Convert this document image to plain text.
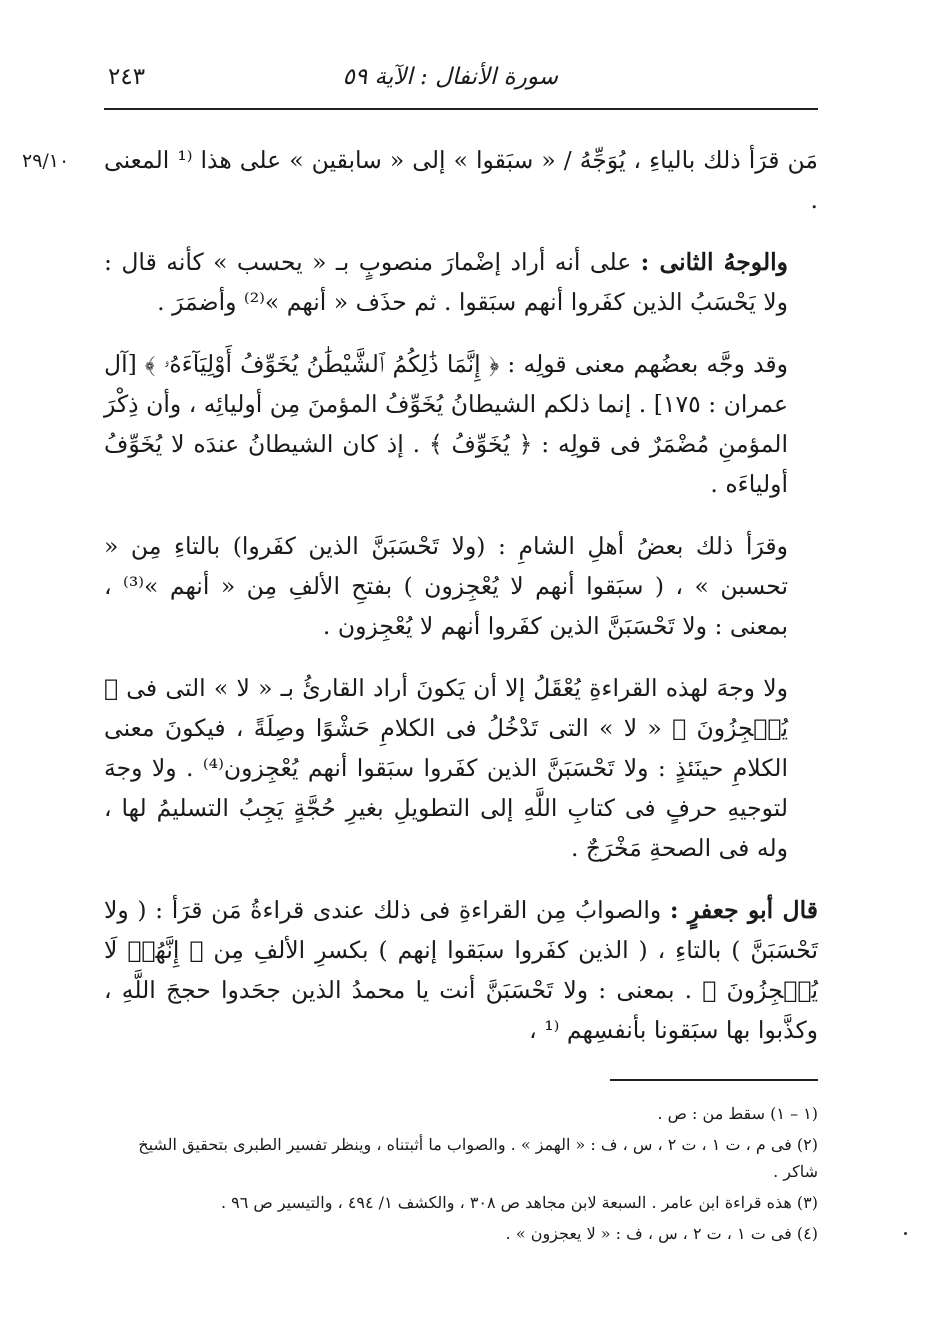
سورة الأنفال : الآية ٥٩
٢٤٣
٢٩/١٠ مَن قرَأ ذلك بالياءِ ، يُوَجِّهُ / « سبَقوا » إلى « سابقين » على هذا ⁽¹ المعنى .

والوجهُ الثانى : على أنه أراد إضْمارَ منصوبٍ بـ « يحسب » كأنه قال : ولا يَحْسَبُ الذين كفَروا أنهم سبَقوا . ثم حذَف « أنهم »⁽²⁾ وأضمَرَ .

وقد وجَّه بعضُهم معنى قولِه : ﴿ إِنَّمَا ذَٰلِكُمُ ٱلشَّيْطَٰنُ يُخَوِّفُ أَوْلِيَآءَهُۥ ﴾ [آل عمران : ١٧٥] . إنما ذلكم الشيطانُ يُخَوِّفُ المؤمنَ مِن أوليائِه ، وأن ذِكْرَ المؤمنِ مُضْمَرٌ فى قولِه : ﴿ يُخَوِّفُ ﴾ . إذ كان الشيطانُ عندَه لا يُخَوِّفُ أولياءَه .

وقرَأ ذلك بعضُ أهلِ الشامِ : (ولا تَحْسَبَنَّ الذين كفَروا) بالتاءِ مِن « تحسبن » ، ( سبَقوا أنهم لا يُعْجِزون ) بفتحِ الألفِ مِن « أنهم »⁽³⁾ ، بمعنى : ولا تَحْسَبَنَّ الذين كفَروا أنهم لا يُعْجِزون .

ولا وجهَ لهذه القراءةِ يُعْقَلُ إلا أن يَكونَ أراد القارئُ بـ « لا » التى فى ﴿ يُعۡجِزُونَ ﴾ « لا » التى تَدْخُلُ فى الكلامِ حَشْوًا وصِلَةً ، فيكونَ معنى الكلامِ حينَئذٍ : ولا تَحْسَبَنَّ الذين كفَروا سبَقوا أنهم يُعْجِزون⁽⁴⁾ . ولا وجهَ لتوجيهِ حرفٍ فى كتابِ اللَّهِ إلى التطويلِ بغيرِ حُجَّةٍ يَجِبُ التسليمُ لها ، وله فى الصحةِ مَخْرَجٌ .

قال أبو جعفرٍ : والصوابُ مِن القراءةِ فى ذلك عندى قراءةُ مَن قرَأ : ( ولا تَحْسَبَنَّ ) بالتاءِ ، ( الذين كفَروا سبَقوا إنهم ) بكسرِ الألفِ مِن ﴿ إِنَّهُمۡ لَا يُعۡجِزُونَ ﴾ . بمعنى : ولا تَحْسَبَنَّ أنت يا محمدُ الذين جحَدوا حججَ اللَّهِ ، وكذَّبوا بها سبَقونا بأنفسِهم ⁽¹ ،

(١ – ١) سقط من : ص .
(٢) فى م ، ت ١ ، ت ٢ ، س ، ف : « الهمز » . والصواب ما أثبتناه ، وينظر تفسير الطبرى بتحقيق الشيخ شاكر .
(٣) هذه قراءة ابن عامر . السبعة لابن مجاهد ص ٣٠٨ ، والكشف ١/ ٤٩٤ ، والتيسير ص ٩٦ .
(٤) فى ت ١ ، ت ٢ ، س ، ف : « لا يعجزون » .
